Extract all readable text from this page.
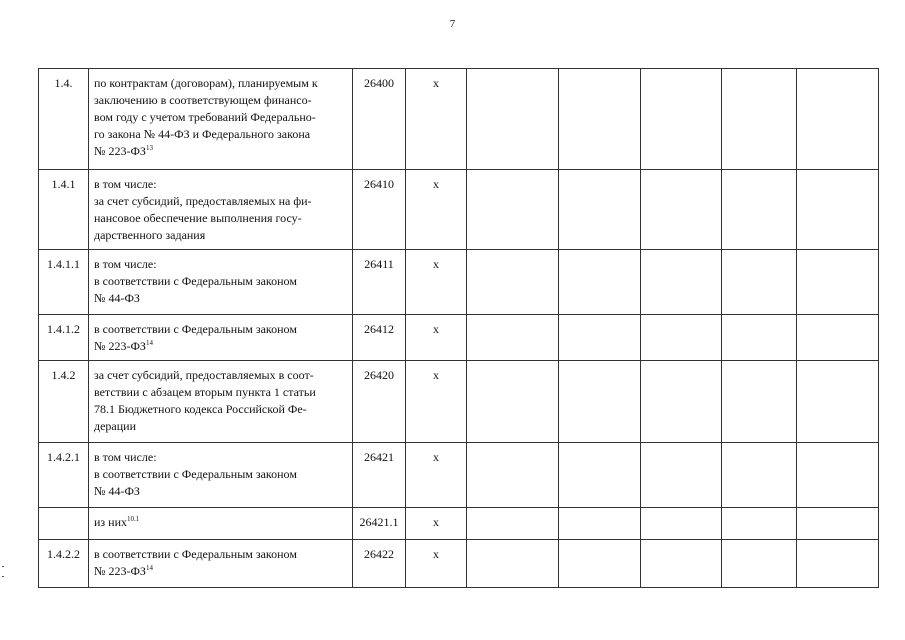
7
1.4.	по контрактам (договорам), планируемым к
заключению в соответствующем финансо-
вом году с учетом требований Федерально-
го закона № 44-ФЗ и Федерального закона
№ 223-ФЗ$^{13}$	26400	х					
1.4.1	в том числе:
за счет субсидий, предоставляемых на фи-
нансовое обеспечение выполнения госу-
дарственного задания	26410	х					
1.4.1.1	в том числе:
в соответствии с Федеральным законом
№ 44-ФЗ	26411	х					
1.4.1.2	в соответствии с Федеральным законом
№ 223-ФЗ$^{14}$	26412	х					
1.4.2	за счет субсидий, предоставляемых в соот-
ветствии с абзацем вторым пункта 1 статьи
78.1 Бюджетного кодекса Российской Фе-
дерации	26420	х					
1.4.2.1	в том числе:
в соответствии с Федеральным законом
№ 44-ФЗ	26421	х					

	из них$^{10.1}$	26421.1	х					
1.4.2.2	в соответствии с Федеральным законом
№ 223-ФЗ$^{14}$	26422	х					
